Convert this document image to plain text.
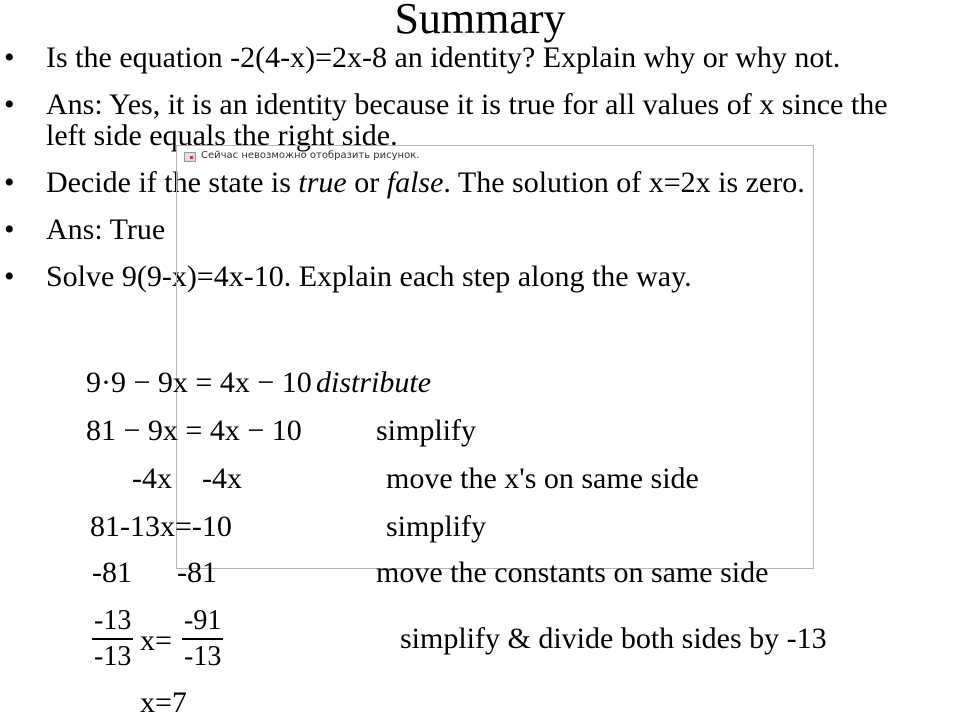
Summary
• Is the equation -2(4-x)=2x-8 an identity? Explain why or why not.
• Ans: Yes, it is an identity because it is true for all values of x since the left side equals the right side.
• Decide if the state is true or false. The solution of x=2x is zero.
• Ans: True
• Solve 9(9-x)=4x-10. Explain each step along the way.
Сейчас невозможно отобразить рисунок.
9·9 − 9x = 4x − 10 distribute
81 − 9x = 4x − 10 simplify
-4x    -4x	move the x's on same side
81-13x=-10	simplify
-81      -81	move the constants on same side
$\frac{-13}{-13} x= \frac{-91}{-13}$	simplify & divide both sides by -13
x=7
